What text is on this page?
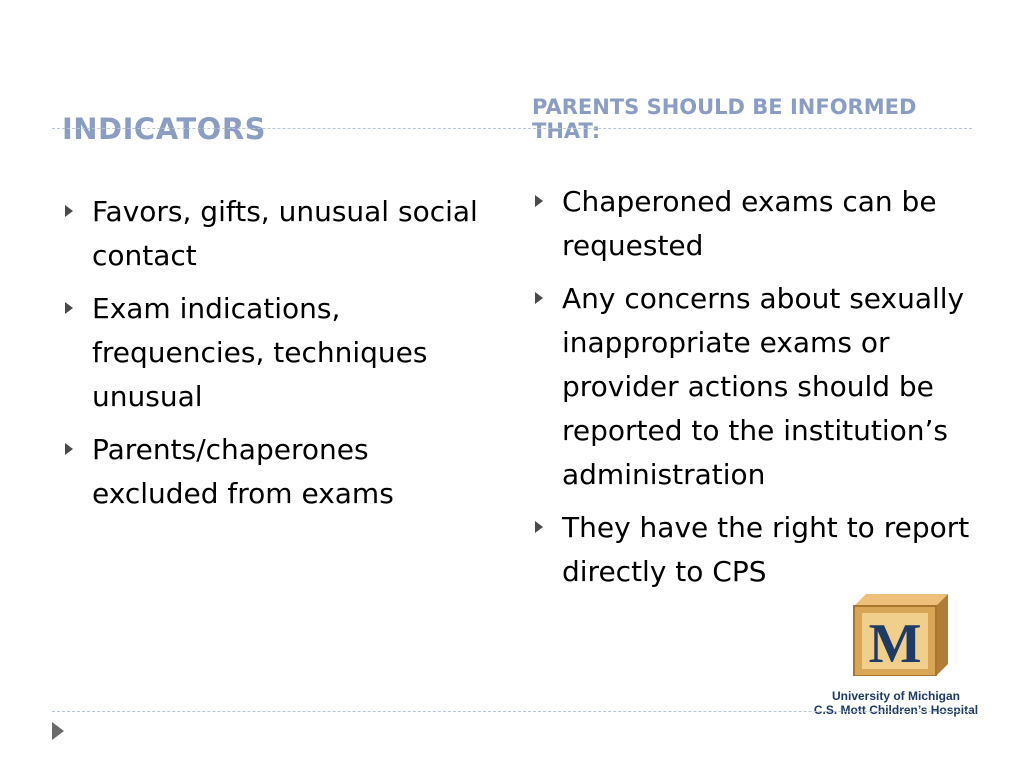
INDICATORS
PARENTS SHOULD BE INFORMED THAT:
Favors, gifts, unusual social contact
Exam indications, frequencies, techniques unusual
Parents/chaperones excluded from exams
Chaperoned exams can be requested
Any concerns about sexually inappropriate exams or provider actions should be reported to the institution’s administration
They have the right to report directly to CPS
M
University of Michigan
C.S. Mott Children’s Hospital
